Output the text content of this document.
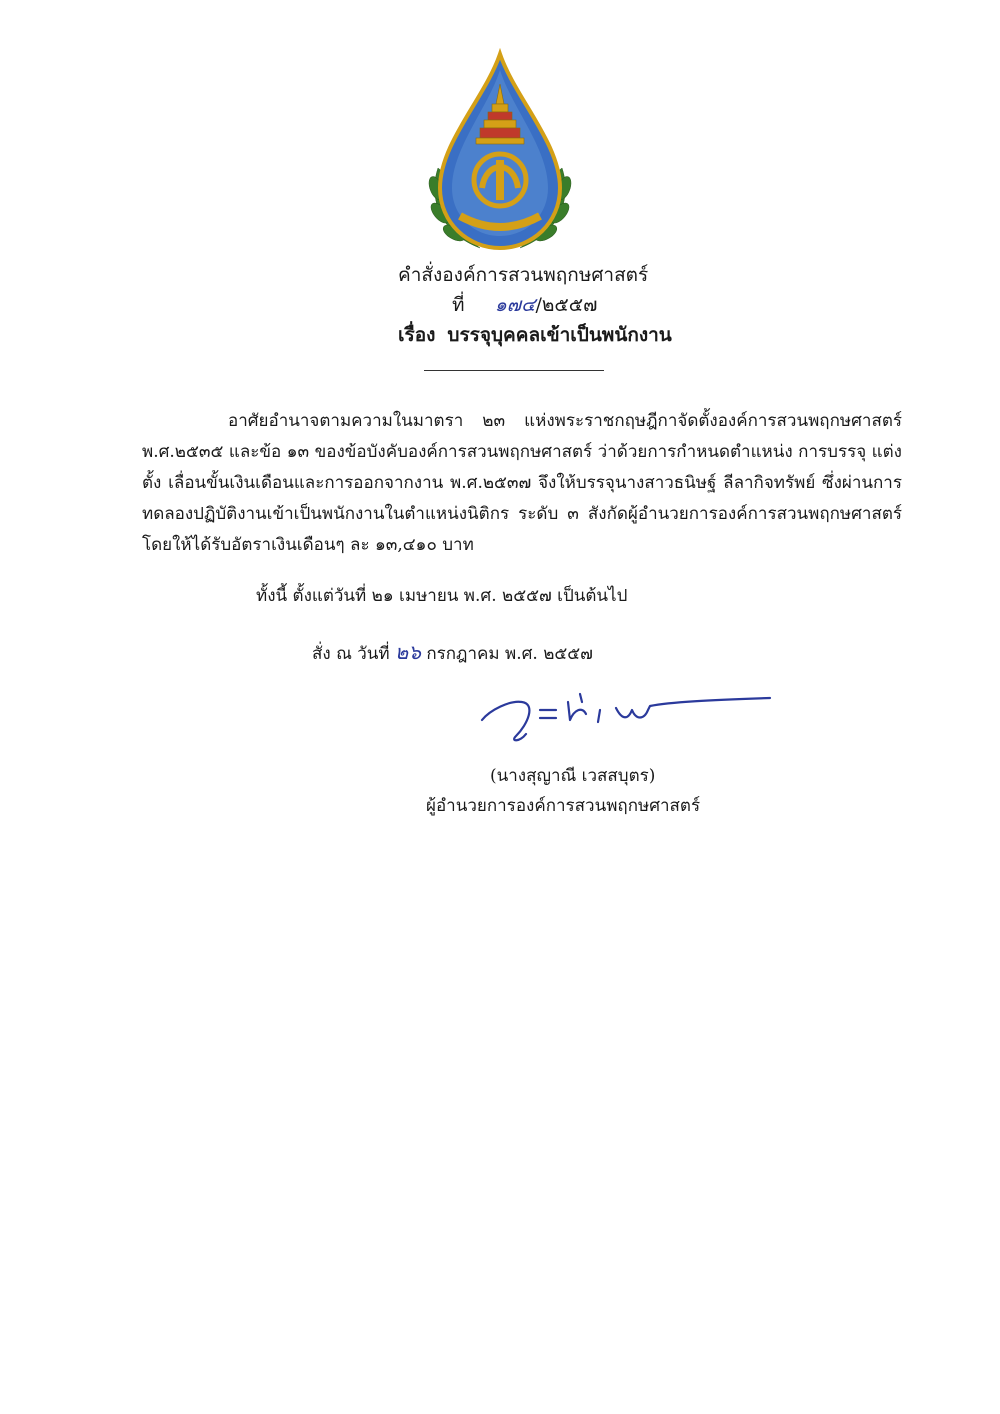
คำสั่งองค์การสวนพฤกษศาสตร์
ที่ ๑๗๔/๒๕๕๗
เรื่อง บรรจุบุคคลเข้าเป็นพนักงาน
อาศัยอำนาจตามความในมาตรา ๒๓ แห่งพระราชกฤษฎีกาจัดตั้งองค์การสวนพฤกษศาสตร์ พ.ศ.๒๕๓๕ และข้อ ๑๓ ของข้อบังคับองค์การสวนพฤกษศาสตร์ ว่าด้วยการกำหนดตำแหน่ง การบรรจุ แต่งตั้ง เลื่อนขั้นเงินเดือนและการออกจากงาน พ.ศ.๒๕๓๗ จึงให้บรรจุนางสาวธนิษฐ์ ลีลากิจทรัพย์ ซึ่งผ่านการทดลองปฏิบัติงานเข้าเป็นพนักงานในตำแหน่งนิติกร ระดับ ๓ สังกัดผู้อำนวยการองค์การสวนพฤกษศาสตร์ โดยให้ได้รับอัตราเงินเดือนๆ ละ ๑๓,๔๑๐ บาท
ทั้งนี้ ตั้งแต่วันที่ ๒๑ เมษายน พ.ศ. ๒๕๕๗ เป็นต้นไป
สั่ง ณ วันที่ ๒๖ กรกฎาคม พ.ศ. ๒๕๕๗
(นางสุญาณี เวสสบุตร)
ผู้อำนวยการองค์การสวนพฤกษศาสตร์
